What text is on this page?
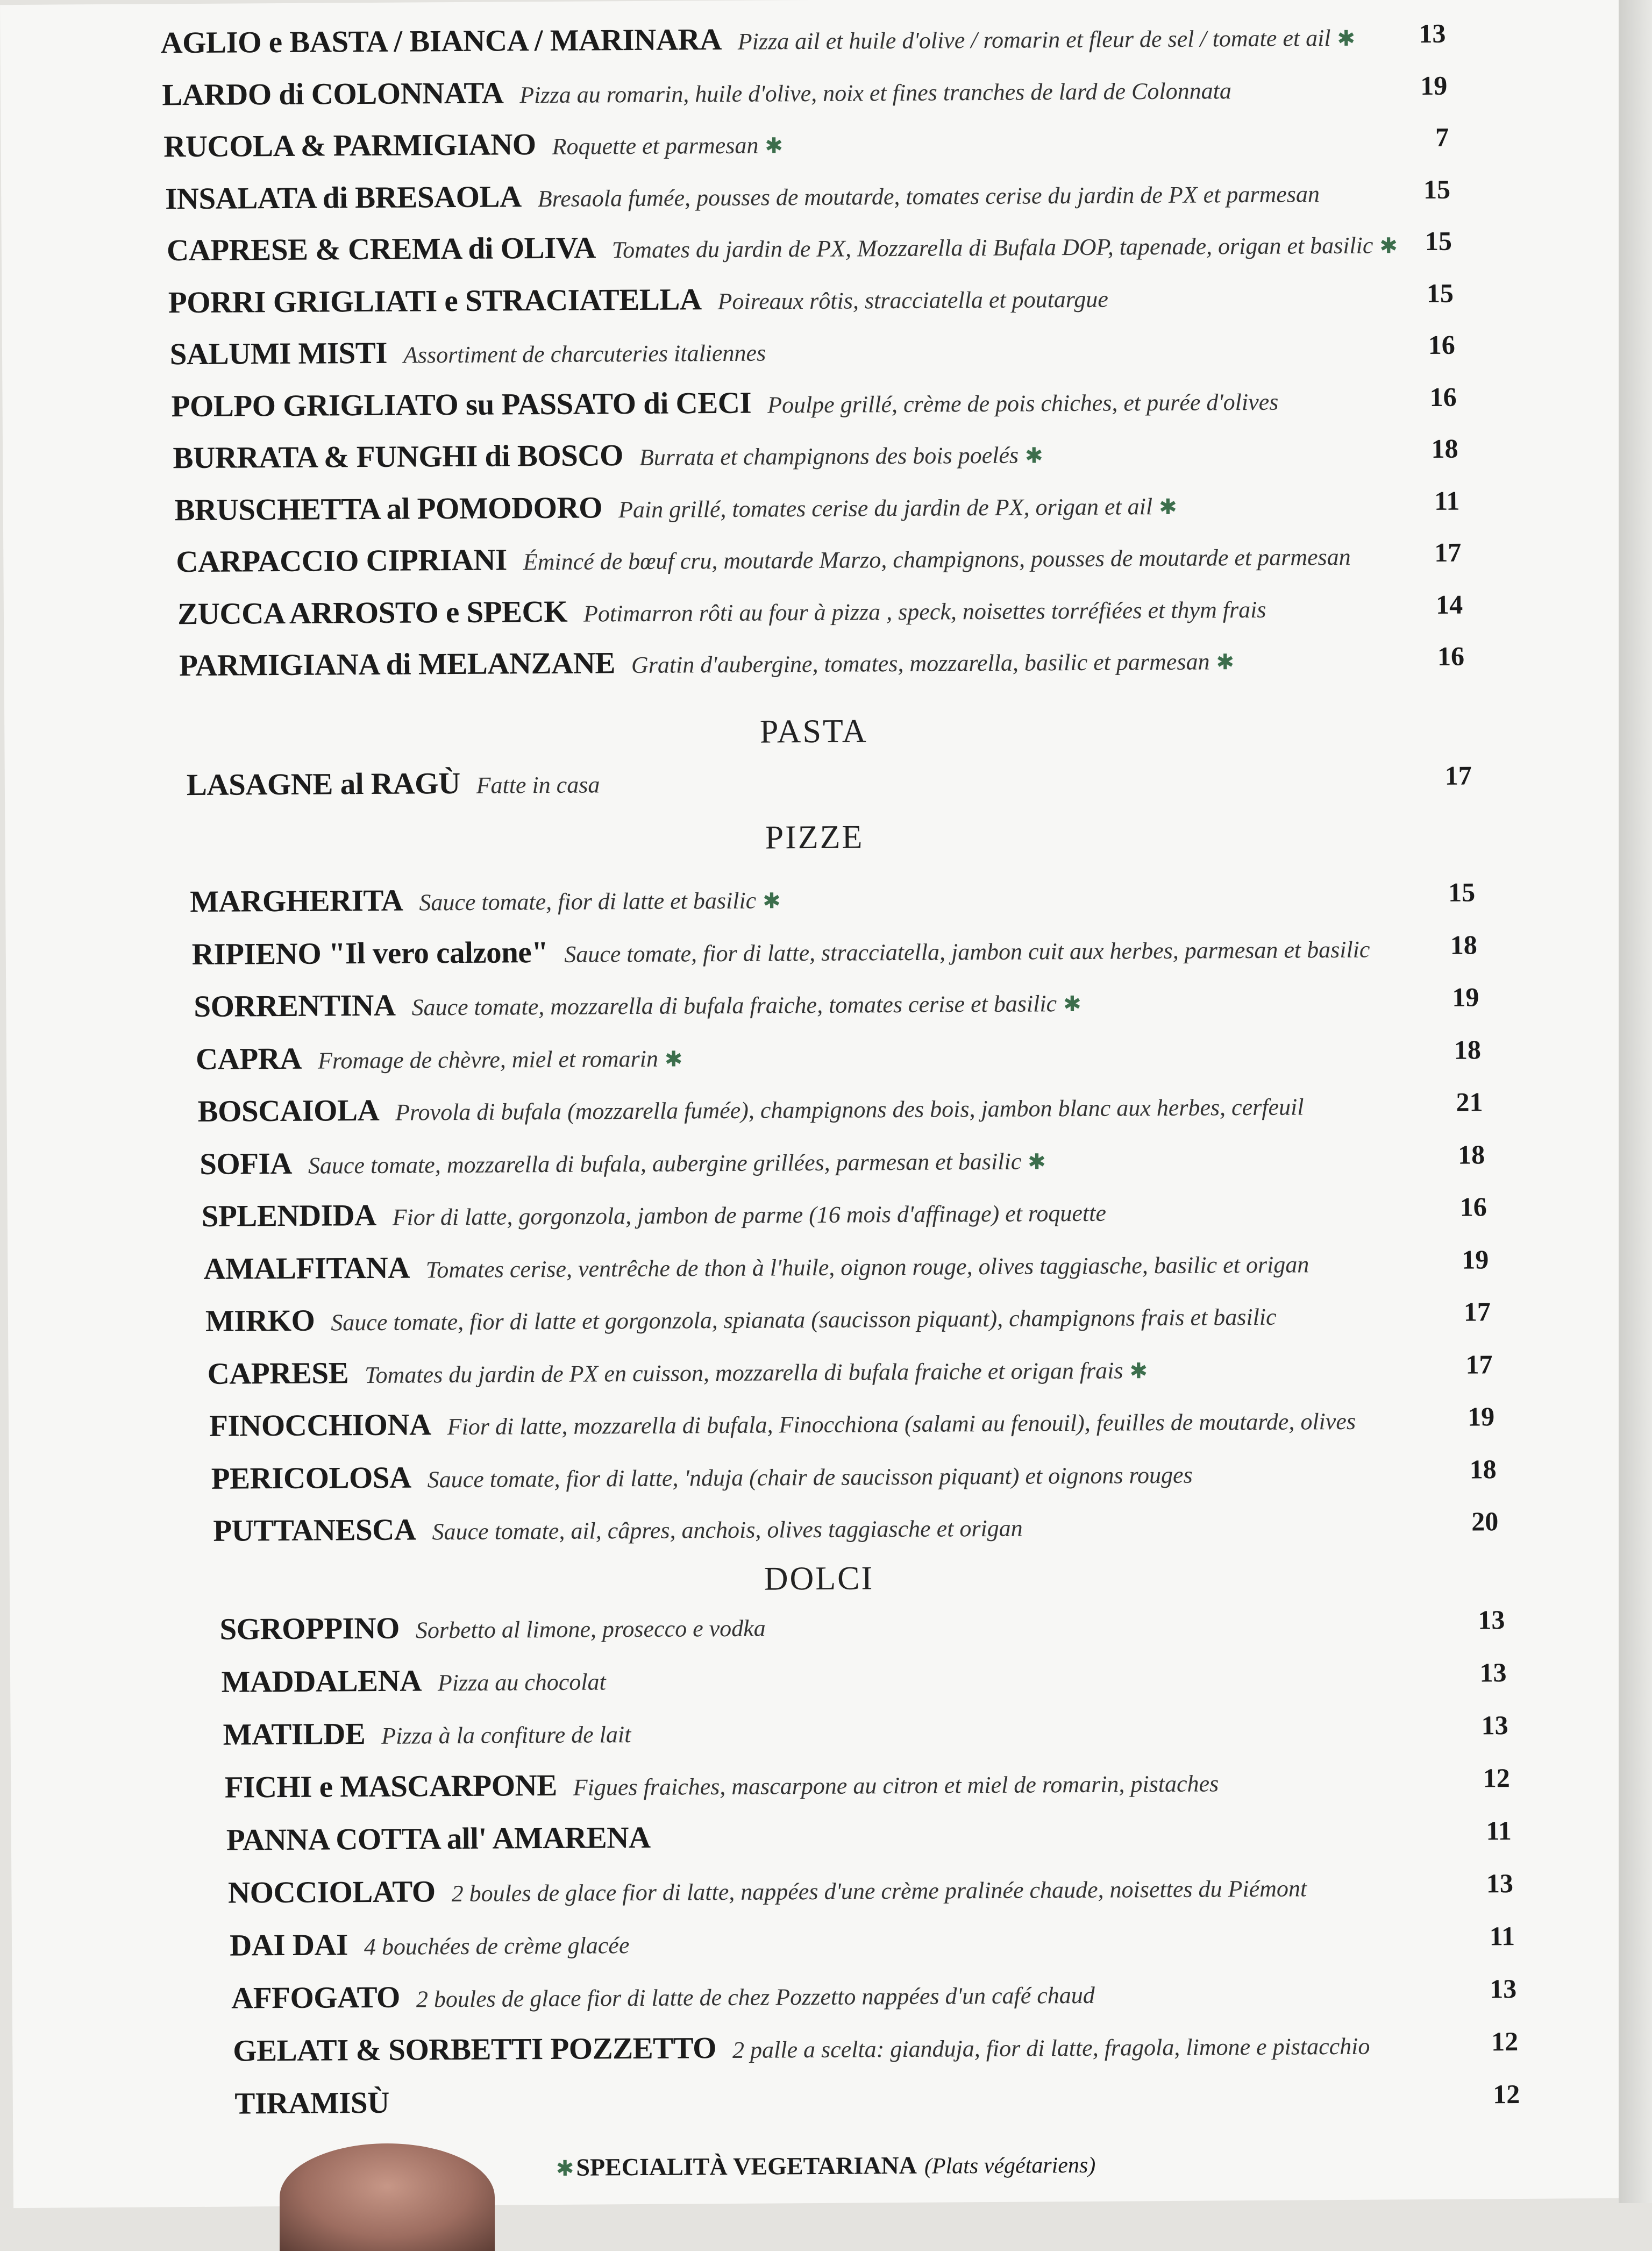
AGLIO e BASTA / BIANCA / MARINARA Pizza ail et huile d'olive / romarin et fleur de sel / tomate et ail ✱	13
LARDO di COLONNATA Pizza au romarin, huile d'olive, noix et fines tranches de lard de Colonnata	19
RUCOLA & PARMIGIANO Roquette et parmesan ✱	7
INSALATA di BRESAOLA Bresaola fumée, pousses de moutarde, tomates cerise du jardin de PX et parmesan	15
CAPRESE & CREMA di OLIVA Tomates du jardin de PX, Mozzarella di Bufala DOP, tapenade, origan et basilic ✱	15
PORRI GRIGLIATI e STRACIATELLA Poireaux rôtis, stracciatella et poutargue	15
SALUMI MISTI Assortiment de charcuteries italiennes	16
POLPO GRIGLIATO su PASSATO di CECI Poulpe grillé, crème de pois chiches, et purée d'olives	16
BURRATA & FUNGHI di BOSCO Burrata et champignons des bois poelés ✱	18
BRUSCHETTA al POMODORO Pain grillé, tomates cerise du jardin de PX, origan et ail ✱	11
CARPACCIO CIPRIANI Émincé de bœuf cru, moutarde Marzo, champignons, pousses de moutarde et parmesan	17
ZUCCA ARROSTO e SPECK Potimarron rôti au four à pizza , speck, noisettes torréfiées et thym frais	14
PARMIGIANA di MELANZANE Gratin d'aubergine, tomates, mozzarella, basilic et parmesan ✱	16
PASTA
LASAGNE al RAGÙ Fatte in casa	17
PIZZE
MARGHERITA Sauce tomate, fior di latte et basilic ✱	15
RIPIENO "Il vero calzone" Sauce tomate, fior di latte, stracciatella, jambon cuit aux herbes, parmesan et basilic	18
SORRENTINA Sauce tomate, mozzarella di bufala fraiche, tomates cerise et basilic ✱	19
CAPRA Fromage de chèvre, miel et romarin ✱	18
BOSCAIOLA Provola di bufala (mozzarella fumée), champignons des bois, jambon blanc aux herbes, cerfeuil	21
SOFIA Sauce tomate, mozzarella di bufala, aubergine grillées, parmesan et basilic ✱	18
SPLENDIDA Fior di latte, gorgonzola, jambon de parme (16 mois d'affinage) et roquette	16
AMALFITANA Tomates cerise, ventrêche de thon à l'huile, oignon rouge, olives taggiasche, basilic et origan	19
MIRKO Sauce tomate, fior di latte et gorgonzola, spianata (saucisson piquant), champignons frais et basilic	17
CAPRESE Tomates du jardin de PX en cuisson, mozzarella di bufala fraiche et origan frais ✱	17
FINOCCHIONA Fior di latte, mozzarella di bufala, Finocchiona (salami au fenouil), feuilles de moutarde, olives	19
PERICOLOSA Sauce tomate, fior di latte, 'nduja (chair de saucisson piquant) et oignons rouges	18
PUTTANESCA Sauce tomate, ail, câpres, anchois, olives taggiasche et origan	20
DOLCI
SGROPPINO Sorbetto al limone, prosecco e vodka	13
MADDALENA Pizza au chocolat	13
MATILDE Pizza à la confiture de lait	13
FICHI e MASCARPONE Figues fraiches, mascarpone au citron et miel de romarin, pistaches	12
PANNA COTTA all' AMARENA	11
NOCCIOLATO 2 boules de glace fior di latte, nappées d'une crème pralinée chaude, noisettes du Piémont	13
DAI DAI 4 bouchées de crème glacée	11
AFFOGATO 2 boules de glace fior di latte de chez Pozzetto nappées d'un café chaud	13
GELATI & SORBETTI POZZETTO 2 palle a scelta: gianduja, fior di latte, fragola, limone e pistacchio	12
TIRAMISÙ	12
✱ SPECIALITÀ VEGETARIANA (Plats végétariens)
